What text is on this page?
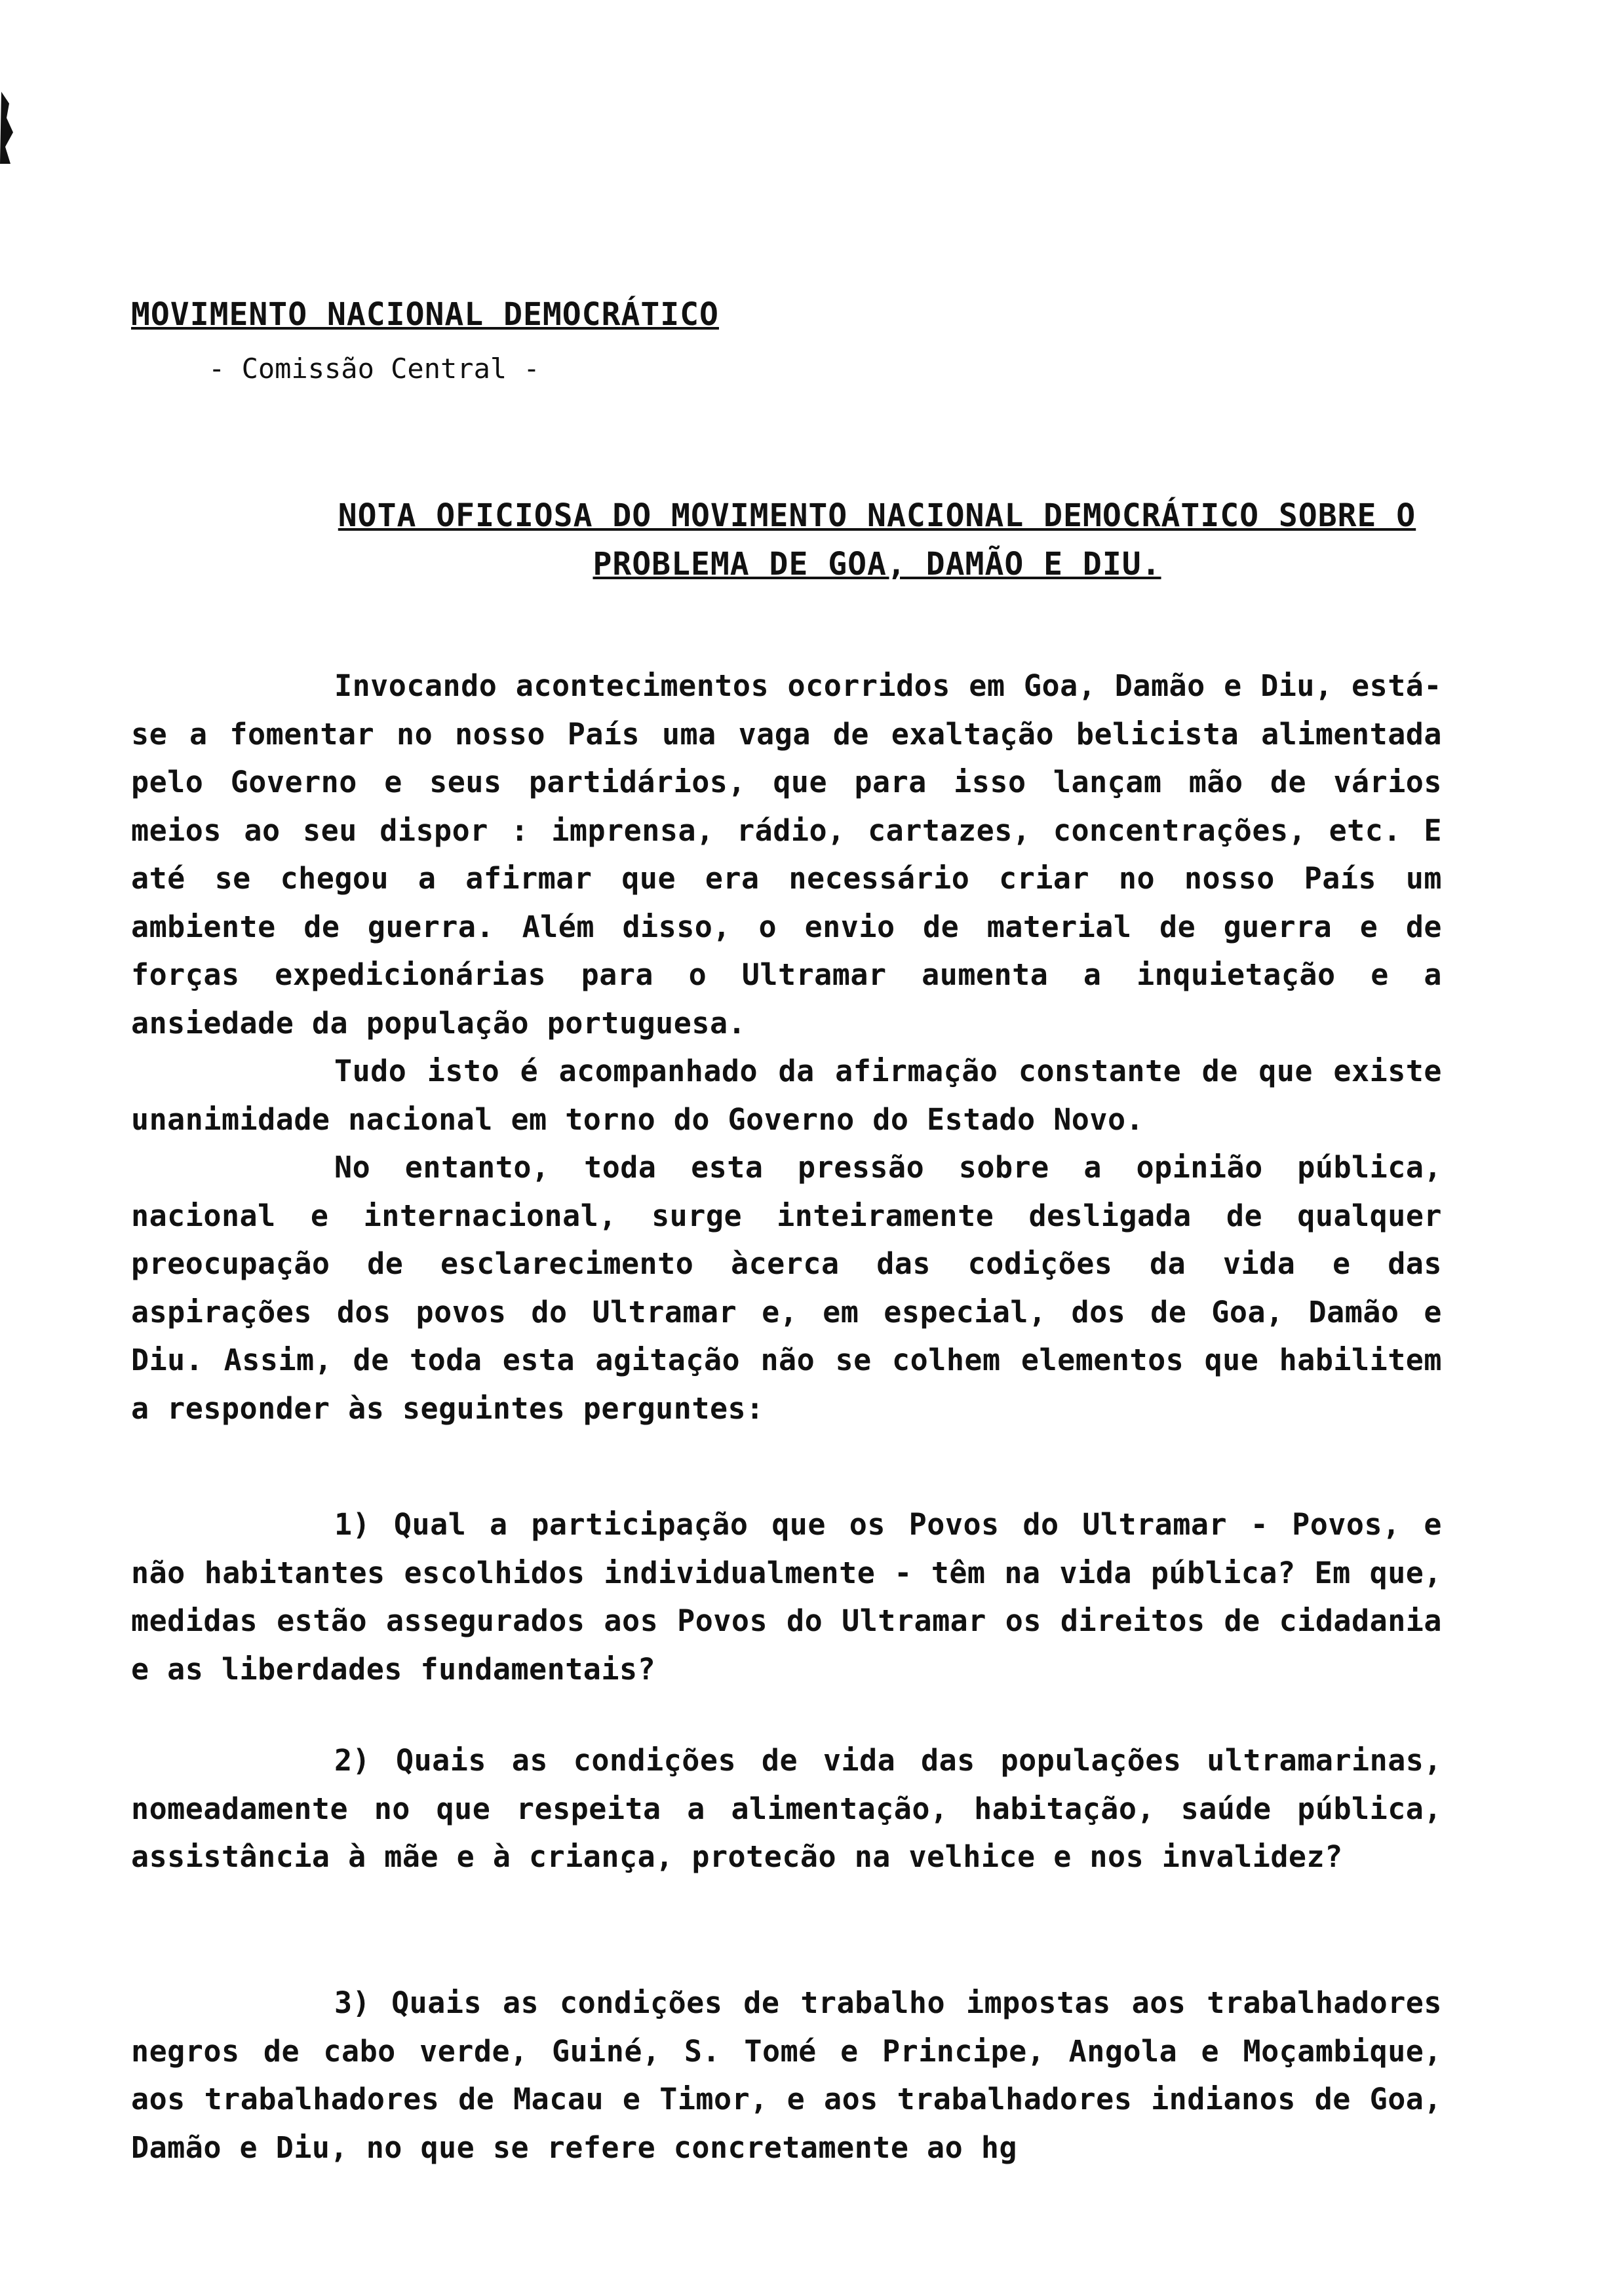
MOVIMENTO NACIONAL DEMOCRÁTICO
- Comissão Central -
NOTA OFICIOSA DO MOVIMENTO NACIONAL DEMOCRÁTICO SOBRE O PROBLEMA DE GOA, DAMÃO E DIU.

Invocando acontecimentos ocorridos em Goa, Damão e Diu, está-se a fomentar no nosso País uma vaga de exaltação belicista alimentada pelo Governo e seus partidários, que para isso lançam mão de vários meios ao seu dispor : imprensa, rádio, cartazes, concentrações, etc. E até se chegou a afirmar que era necessário criar no nosso País um ambiente de guerra. Além disso, o envio de material de guerra e de forças expedicionárias para o Ultramar aumenta a inquietação e a ansiedade da população portuguesa.

Tudo isto é acompanhado da afirmação constante de que existe unanimidade nacional em torno do Governo do Estado Novo.

No entanto, toda esta pressão sobre a opinião pública, nacional e internacional, surge inteiramente desligada de qualquer preocupação de esclarecimento àcerca das codições da vida e das aspirações dos povos do Ultramar e, em especial, dos de Goa, Damão e Diu. Assim, de toda esta agitação não se colhem elementos que habilitem a responder às seguintes perguntes:

1) Qual a participação que os Povos do Ultramar - Povos, e não habitantes escolhidos individualmente - têm na vida pública? Em que, medidas estão assegurados aos Povos do Ultramar os direitos de cidadania e as liberdades fundamentais?

2) Quais as condições de vida das populações ultramarinas, nomeadamente no que respeita a alimentação, habitação, saúde pública, assistância à mãe e à criança, protecão na velhice e nos invalidez?

3) Quais as condições de trabalho impostas aos trabalhadores negros de cabo verde, Guiné, S. Tomé e Principe, Angola e Moçambique, aos trabalhadores de Macau e Timor, e aos trabalhadores indianos de Goa, Damão e Diu, no que se refere concretamente ao hg
